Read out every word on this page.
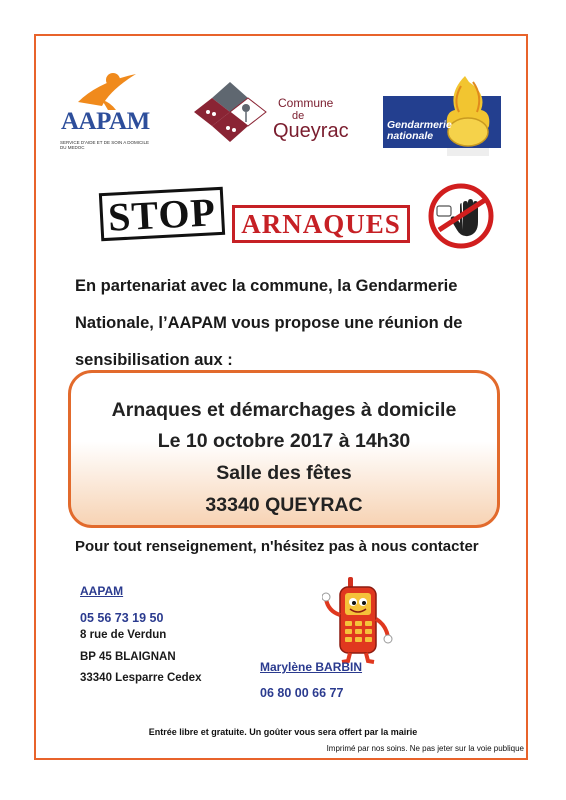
AAPAM
SERVICE D'AIDE ET DE SOIN A DOMICILE DU MEDOC
Commune
de
Queyrac	Gendarmerie
nationale
STOP ARNAQUES
En partenariat avec la commune, la Gendarmerie
Nationale, l’AAPAM vous propose une réunion de
sensibilisation aux :
Arnaques et démarchages à domicile
Le 10 octobre 2017 à 14h30
Salle des fêtes
33340 QUEYRAC
Pour tout renseignement, n'hésitez pas à nous contacter
AAPAM
05 56 73 19 50
8 rue de Verdun
BP 45 BLAIGNAN
33340 Lesparre Cedex
Marylène BARBIN
06 80 00 66 77
Entrée libre et gratuite. Un goûter vous sera offert par la mairie
Imprimé par nos soins. Ne pas jeter sur la voie publique
